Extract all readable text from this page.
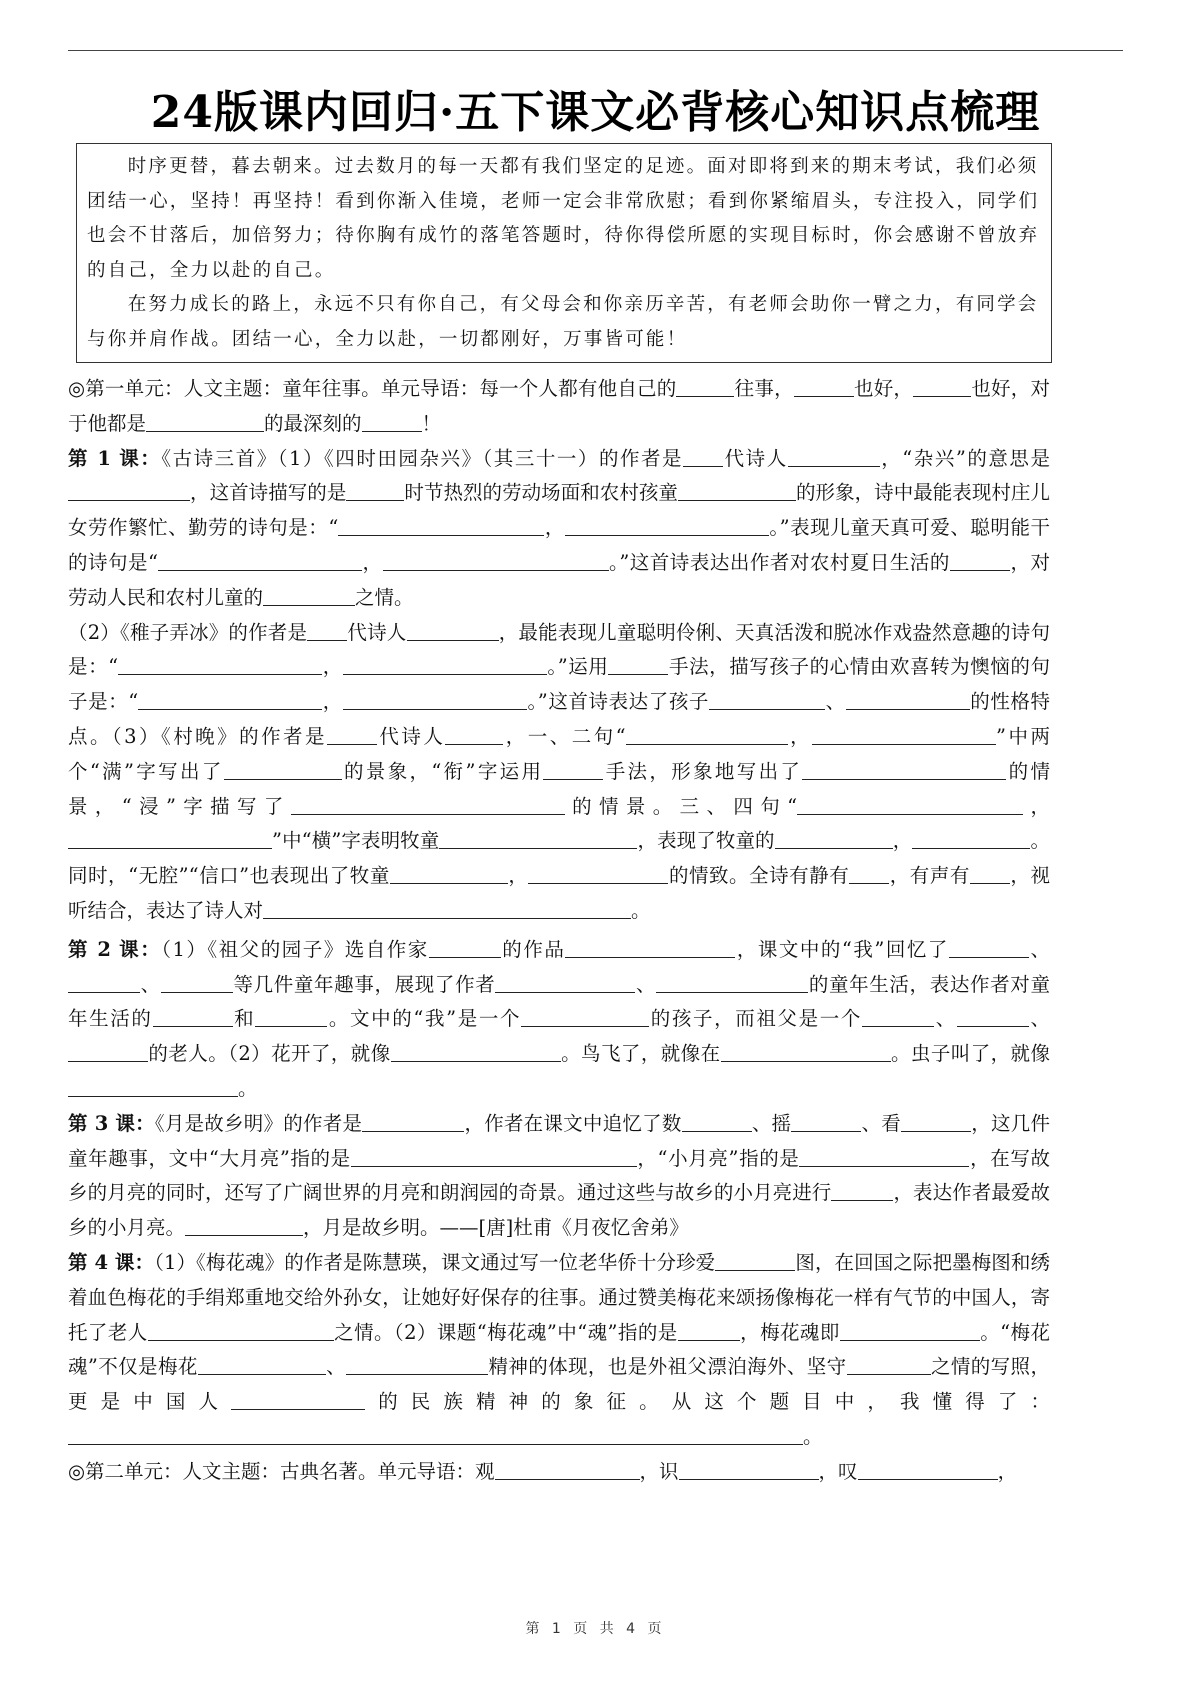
24版课内回归·五下课文必背核心知识点梳理

时序更替，暮去朝来。过去数月的每一天都有我们坚定的足迹。面对即将到来的期末考试，我们必须团结一心，坚持！再坚持！看到你渐入佳境，老师一定会非常欣慰；看到你紧缩眉头，专注投入，同学们也会不甘落后，加倍努力；待你胸有成竹的落笔答题时，待你得偿所愿的实现目标时，你会感谢不曾放弃的自己，全力以赴的自己。

在努力成长的路上，永远不只有你自己，有父母会和你亲历辛苦，有老师会助你一臂之力，有同学会与你并肩作战。团结一心，全力以赴，一切都刚好，万事皆可能！

◎第一单元：人文主题：童年往事。单元导语：每一个人都有他自己的	往事，	也好，	也好，对于他都是	的最深刻的	！

第 1 课：《古诗三首》（1）《四时田园杂兴》（其三十一）的作者是 代诗人	，“杂兴”的意思是，这首诗描写的是	时节热烈的劳动场面和农村孩童	的形象，诗中最能表现村庄儿女劳作繁忙、勤劳的诗句是：“	，	。”表现儿童天真可爱、聪明能干的诗句是“	，	。”这首诗表达出作者对农村夏日生活的	，对劳动人民和农村儿童的	之情。
（2）《稚子弄冰》的作者是 代诗人	，最能表现儿童聪明伶俐、天真活泼和脱冰作戏盎然意趣的诗句是：“	，	。”运用	手法，描写孩子的心情由欢喜转为懊恼的句子是：“	，	。”这首诗表达了孩子	、	的性格特点。（3）《村晚》的作者是	代诗人	，一、二句“	，	”中两个“满”字写出了	的景象，“衔”字运用	手法，形象地写出了	的情景，“浸”字描写了	的情景。三、四句“	，”中“横”字表明牧童	，表现了牧童的	，	。同时，“无腔”“信口”也表现出了牧童	，	的情致。全诗有静有 ，有声有 ，视听结合，表达了诗人对	。

第 2 课：（1）《祖父的园子》选自作家	的作品	，课文中的“我”回忆了	、、	等几件童年趣事，展现了作者	、	的童年生活，表达作者对童年生活的	和	。文中的“我”是一个	的孩子，而祖父是一个	、	、的老人。（2）花开了，就像	。鸟飞了，就像在	。虫子叫了，就像。

第 3 课：《月是故乡明》的作者是	，作者在课文中追忆了数	、摇	、看	，这几件童年趣事，文中“大月亮”指的是	，“小月亮”指的是	，在写故乡的月亮的同时，还写了广阔世界的月亮和朗润园的奇景。通过这些与故乡的小月亮进行	，表达作者最爱故乡的小月亮。	，月是故乡明。——[唐]杜甫《月夜忆舍弟》

第 4 课：（1）《梅花魂》的作者是陈慧瑛，课文通过写一位老华侨十分珍爱	图，在回国之际把墨梅图和绣着血色梅花的手绢郑重地交给外孙女，让她好好保存的往事。通过赞美梅花来颂扬像梅花一样有气节的中国人，寄托了老人	之情。（2）课题“梅花魂”中“魂”指的是	，梅花魂即	。“梅花魂”不仅是梅花	、	精神的体现，也是外祖父漂泊海外、坚守	之情的写照，更是中国人	的民族精神的象征。从这个题目中，我懂得了：。

◎第二单元：人文主题：古典名著。单元导语：观	，识	，叹	，

第 1 页 共 4 页
